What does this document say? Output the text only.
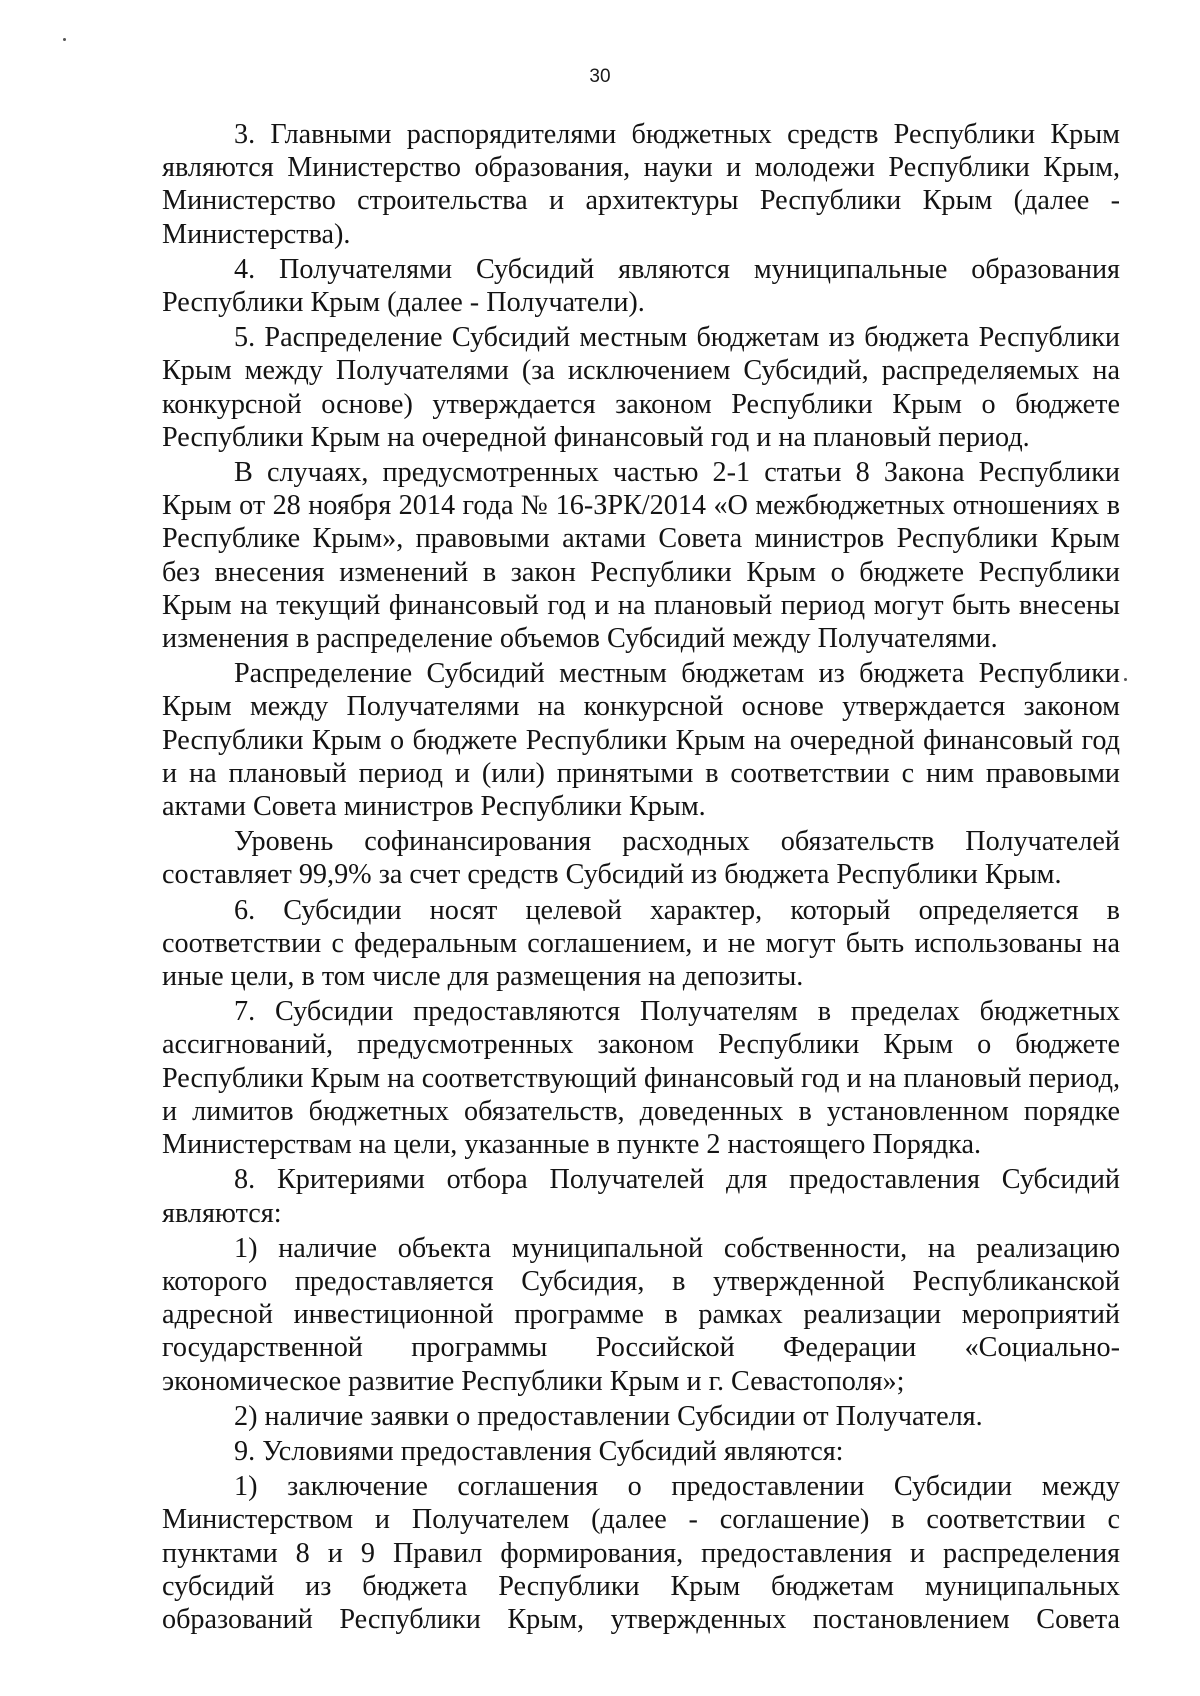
30

3. Главными распорядителями бюджетных средств Республики Крым являются Министерство образования, науки и молодежи Республики Крым, Министерство строительства и архитектуры Республики Крым (далее - Министерства).

4. Получателями Субсидий являются муниципальные образования Республики Крым (далее - Получатели).

5. Распределение Субсидий местным бюджетам из бюджета Республики Крым между Получателями (за исключением Субсидий, распределяемых на конкурсной основе) утверждается законом Республики Крым о бюджете Республики Крым на очередной финансовый год и на плановый период.

В случаях, предусмотренных частью 2-1 статьи 8 Закона Республики Крым от 28 ноября 2014 года № 16-ЗРК/2014 «О межбюджетных отношениях в Республике Крым», правовыми актами Совета министров Республики Крым без внесения изменений в закон Республики Крым о бюджете Республики Крым на текущий финансовый год и на плановый период могут быть внесены изменения в распределение объемов Субсидий между Получателями.

Распределение Субсидий местным бюджетам из бюджета Республики Крым между Получателями на конкурсной основе утверждается законом Республики Крым о бюджете Республики Крым на очередной финансовый год и на плановый период и (или) принятыми в соответствии с ним правовыми актами Совета министров Республики Крым.

Уровень софинансирования расходных обязательств Получателей составляет 99,9% за счет средств Субсидий из бюджета Республики Крым.

6. Субсидии носят целевой характер, который определяется в соответствии с федеральным соглашением, и не могут быть использованы на иные цели, в том числе для размещения на депозиты.

7. Субсидии предоставляются Получателям в пределах бюджетных ассигнований, предусмотренных законом Республики Крым о бюджете Республики Крым на соответствующий финансовый год и на плановый период, и лимитов бюджетных обязательств, доведенных в установленном порядке Министерствам на цели, указанные в пункте 2 настоящего Порядка.

8. Критериями отбора Получателей для предоставления Субсидий являются:

1) наличие объекта муниципальной собственности, на реализацию которого предоставляется Субсидия, в утвержденной Республиканской адресной инвестиционной программе в рамках реализации мероприятий государственной программы Российской Федерации «Социально-экономическое развитие Республики Крым и г. Севастополя»;

2) наличие заявки о предоставлении Субсидии от Получателя.

9. Условиями предоставления Субсидий являются:

1) заключение соглашения о предоставлении Субсидии между Министерством и Получателем (далее - соглашение) в соответствии с пунктами 8 и 9 Правил формирования, предоставления и распределения субсидий из бюджета Республики Крым бюджетам муниципальных образований Республики Крым, утвержденных постановлением Совета
